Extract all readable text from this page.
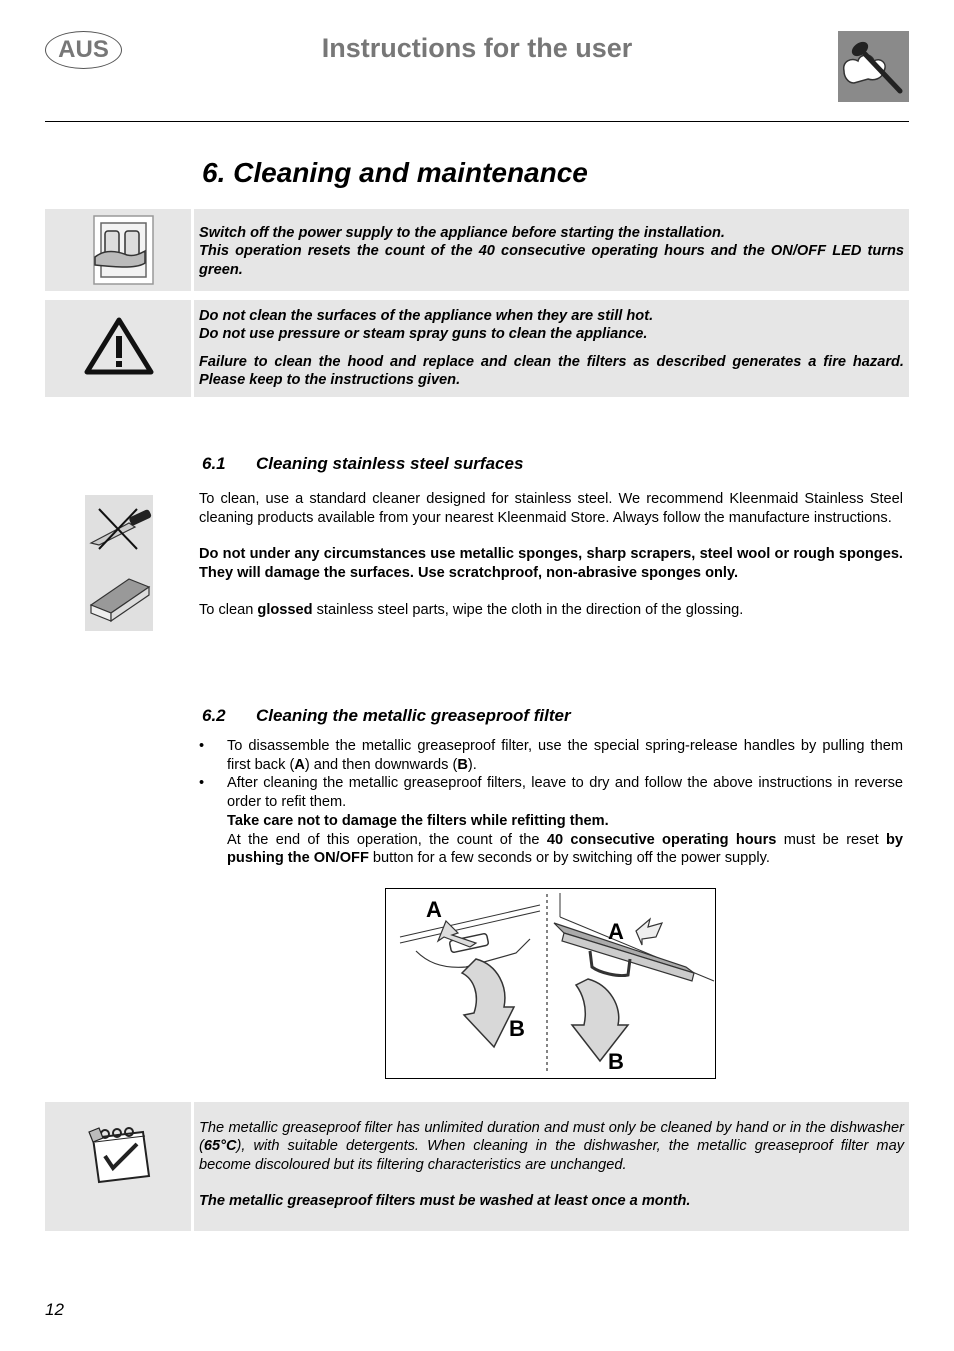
AUS	Instructions for the user
6. Cleaning and maintenance

Switch off the power supply to the appliance before starting the installation.

This operation resets the count of the 40 consecutive operating hours and the ON/OFF LED turns green.

Do not clean the surfaces of the appliance when they are still hot.

Do not use pressure or steam spray guns to clean the appliance.

Failure to clean the hood and replace and clean the filters as described generates a fire hazard. Please keep to the instructions given.

6.1 Cleaning stainless steel surfaces

To clean, use a standard cleaner designed for stainless steel. We recommend Kleenmaid Stainless Steel cleaning products available from your nearest Kleenmaid Store. Always follow the manufacture instructions.

Do not under any circumstances use metallic sponges, sharp scrapers, steel wool or rough sponges. They will damage the surfaces. Use scratchproof, non-abrasive sponges only.

To clean glossed stainless steel parts, wipe the cloth in the direction of the glossing.

6.2 Cleaning the metallic greaseproof filter
• To disassemble the metallic greaseproof filter, use the special spring-release handles by pulling them first back (A) and then downwards (B).
• After cleaning the metallic greaseproof filters, leave to dry and follow the above instructions in reverse order to refit them.
Take care not to damage the filters while refitting them.
At the end of this operation, the count of the 40 consecutive operating hours must be reset by pushing the ON/OFF button for a few seconds or by switching off the power supply.
A
B
A
B

The metallic greaseproof filter has unlimited duration and must only be cleaned by hand or in the dishwasher (65°C), with suitable detergents. When cleaning in the dishwasher, the metallic greaseproof filter may become discoloured but its filtering characteristics are unchanged.

The metallic greaseproof filters must be washed at least once a month.

12
